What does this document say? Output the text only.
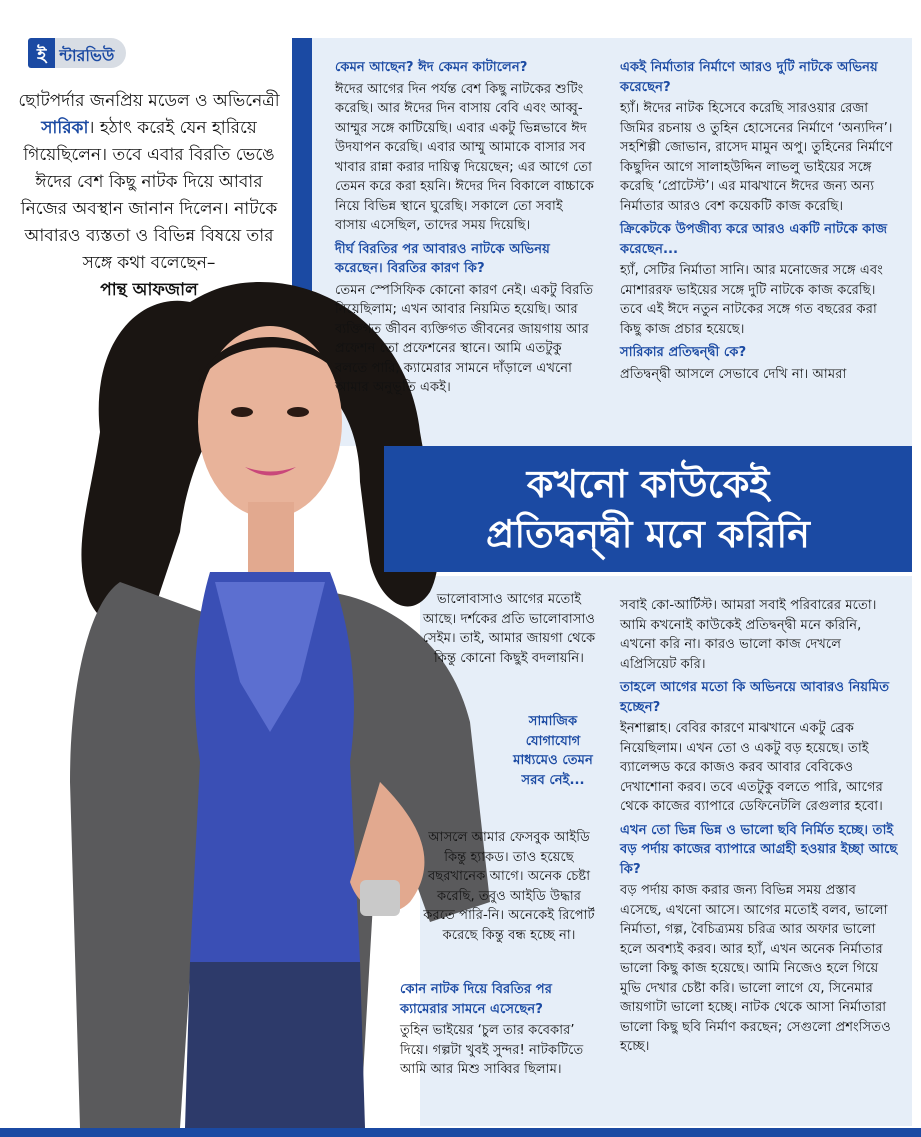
ই ন্টারভিউ
ছোটপর্দার জনপ্রিয় মডেল ও অভিনেত্রী সারিকা। হঠাৎ করেই যেন হারিয়ে গিয়েছিলেন। তবে এবার বিরতি ভেঙে ঈদের বেশ কিছু নাটক দিয়ে আবার নিজের অবস্থান জানান দিলেন। নাটকে আবারও ব্যস্ততা ও বিভিন্ন বিষয়ে তার সঙ্গে কথা বলেছেন–
পান্থ আফজাল

কেমন আছেন? ঈদ কেমন কাটালেন?

ঈদের আগের দিন পর্যন্ত বেশ কিছু নাটকের শুটিং করেছি। আর ঈদের দিন বাসায় বেবি এবং আব্বু-আম্মুর সঙ্গে কাটিয়েছি। এবার একটু ভিন্নভাবে ঈদ উদযাপন করেছি। এবার আম্মু আমাকে বাসার সব খাবার রান্না করার দায়িত্ব দিয়েছেন; এর আগে তো তেমন করে করা হয়নি। ঈদের দিন বিকালে বাচ্চাকে নিয়ে বিভিন্ন স্থানে ঘুরেছি। সকালে তো সবাই বাসায় এসেছিল, তাদের সময় দিয়েছি।

দীর্ঘ বিরতির পর আবারও নাটকে অভিনয় করেছেন। বিরতির কারণ কি?

তেমন স্পেসিফিক কোনো কারণ নেই। একটু বিরতি নিয়েছিলাম; এখন আবার নিয়মিত হয়েছি। আর ব্যক্তিগত জীবন ব্যক্তিগত জীবনের জায়গায় আর প্রফেশন তো প্রফেশনের স্থানে। আমি এতটুকু বলতে পারি, ক্যামেরার সামনে দাঁড়ালে এখনো আমার অনুভূতি একই।

একই নির্মাতার নির্মাণে আরও দুটি নাটকে অভিনয় করেছেন?

হ্যাঁ। ঈদের নাটক হিসেবে করেছি সারওয়ার রেজা জিমির রচনায় ও তুহিন হোসেনের নির্মাণে ‘অন্যদিন’। সহশিল্পী জোভান, রাসেদ মামুন অপু। তুহিনের নির্মাণে কিছুদিন আগে সালাহউদ্দিন লাভলু ভাইয়ের সঙ্গে করেছি ‘প্রোটেস্ট’। এর মাঝখানে ঈদের জন্য অন্য নির্মাতার আরও বেশ কয়েকটি কাজ করেছি।

ক্রিকেটকে উপজীব্য করে আরও একটি নাটকে কাজ করেছেন...

হ্যাঁ, সেটির নির্মাতা সানি। আর মনোজের সঙ্গে এবং মোশাররফ ভাইয়ের সঙ্গে দুটি নাটকে কাজ করেছি। তবে এই ঈদে নতুন নাটকের সঙ্গে গত বছরের করা কিছু কাজ প্রচার হয়েছে।

সারিকার প্রতিদ্বন্দ্বী কে?

প্রতিদ্বন্দ্বী আসলে সেভাবে দেখি না। আমরা

কখনো কাউকেই
প্রতিদ্বন্দ্বী মনে করিনি

ভালোবাসাও আগের মতোই আছে। দর্শকের প্রতি ভালোবাসাও সেইম। তাই, আমার জায়গা থেকে কিন্তু কোনো কিছুই বদলায়নি।

সামাজিক যোগাযোগ মাধ্যমেও তেমন সরব নেই...
আসলে আমার ফেসবুক আইডি কিন্তু হ্যাকড। তাও হয়েছে বছরখানেক আগে। অনেক চেষ্টা করেছি, তবুও আইডি উদ্ধার করতে পারি-নি। অনেকেই রিপোর্ট করেছে কিন্তু বন্ধ হচ্ছে না।

কোন নাটক দিয়ে বিরতির পর ক্যামেরার সামনে এসেছেন?

তুহিন ভাইয়ের ‘চুল তার কবেকার’ দিয়ে। গল্পটা খুবই সুন্দর! নাটকটিতে আমি আর মিশু সাব্বির ছিলাম।

সবাই কো-আর্টিস্ট। আমরা সবাই পরিবারের মতো। আমি কখনোই কাউকেই প্রতিদ্বন্দ্বী মনে করিনি, এখনো করি না। কারও ভালো কাজ দেখলে এপ্রিসিয়েট করি।

তাহলে আগের মতো কি অভিনয়ে আবারও নিয়মিত হচ্ছেন?

ইনশাল্লাহ। বেবির কারণে মাঝখানে একটু ব্রেক নিয়েছিলাম। এখন তো ও একটু বড় হয়েছে। তাই ব্যালেন্সড করে কাজও করব আবার বেবিকেও দেখাশোনা করব। তবে এতটুকু বলতে পারি, আগের থেকে কাজের ব্যাপারে ডেফিনেটলি রেগুলার হবো।

এখন তো ভিন্ন ভিন্ন ও ভালো ছবি নির্মিত হচ্ছে। তাই বড় পর্দায় কাজের ব্যাপারে আগ্রহী হওয়ার ইচ্ছা আছে কি?

বড় পর্দায় কাজ করার জন্য বিভিন্ন সময় প্রস্তাব এসেছে, এখনো আসে। আগের মতোই বলব, ভালো নির্মাতা, গল্প, বৈচিত্র্যময় চরিত্র আর অফার ভালো হলে অবশ্যই করব। আর হ্যাঁ, এখন অনেক নির্মাতার ভালো কিছু কাজ হয়েছে। আমি নিজেও হলে গিয়ে মুভি দেখার চেষ্টা করি। ভালো লাগে যে, সিনেমার জায়গাটা ভালো হচ্ছে। নাটক থেকে আসা নির্মাতারা ভালো কিছু ছবি নির্মাণ করছেন; সেগুলো প্রশংসিতও হচ্ছে।
